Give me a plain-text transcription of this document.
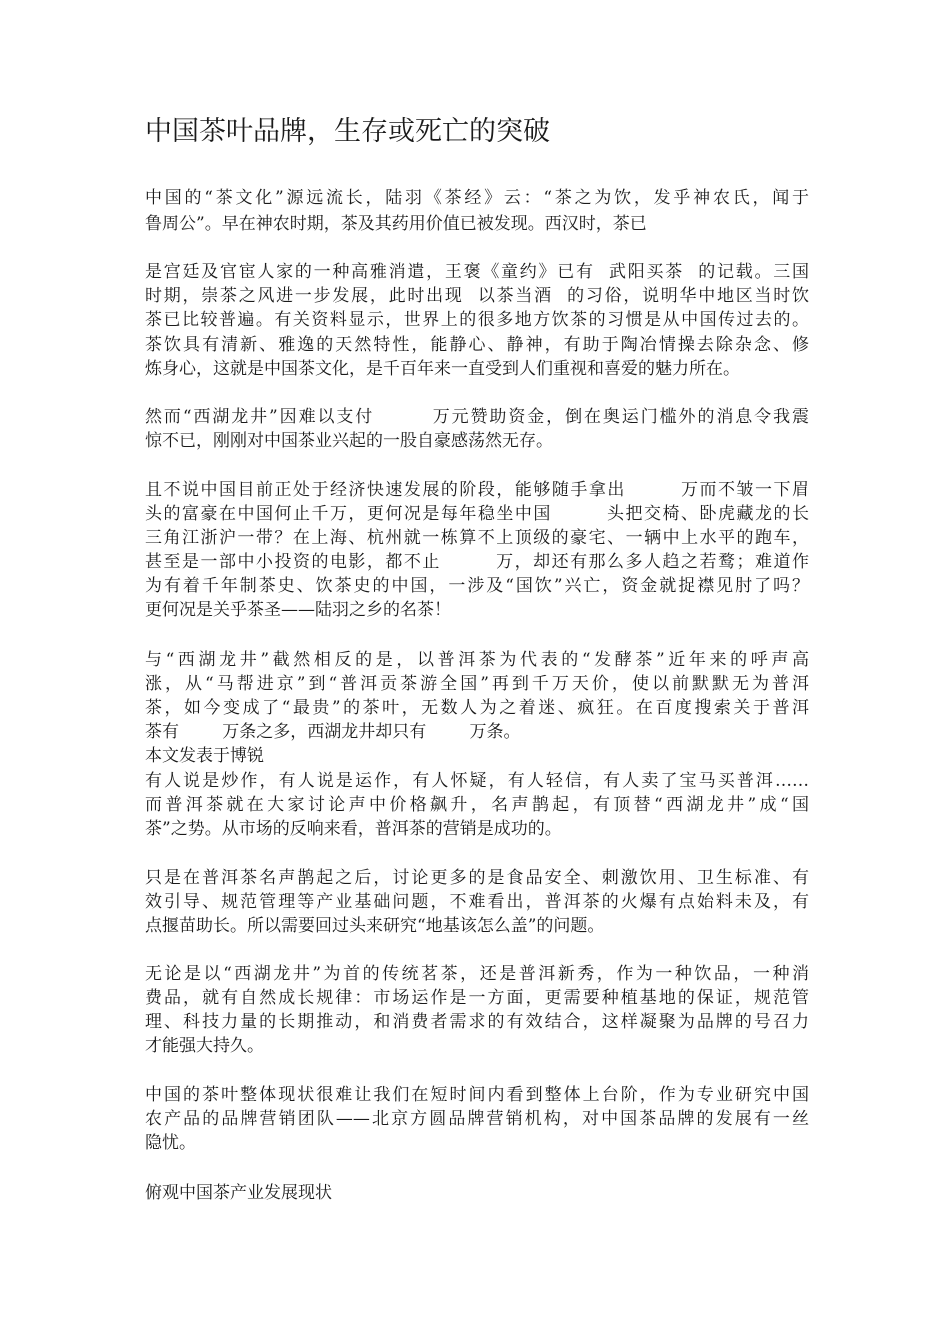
中国茶叶品牌，生存或死亡的突破

中国的“茶文化”源远流长，陆羽《茶经》云：“茶之为饮，发乎神农氏，闻于

鲁周公”。早在神农时期，茶及其药用价值已被发现。西汉时，茶已

是宫廷及官宦人家的一种高雅消遣，王褒《童约》已有  武阳买茶  的记载。三国

时期，崇茶之风进一步发展，此时出现  以茶当酒  的习俗，说明华中地区当时饮

茶已比较普遍。有关资料显示，世界上的很多地方饮茶的习惯是从中国传过去的。

茶饮具有清新、雅逸的天然特性，能静心、静神，有助于陶冶情操去除杂念、修

炼身心，这就是中国茶文化，是千百年来一直受到人们重视和喜爱的魅力所在。

然而“西湖龙井”因难以支付        万元赞助资金，倒在奥运门槛外的消息令我震

惊不已，刚刚对中国茶业兴起的一股自豪感荡然无存。

且不说中国目前正处于经济快速发展的阶段，能够随手拿出        万而不皱一下眉

头的富豪在中国何止千万，更何况是每年稳坐中国        头把交椅、卧虎藏龙的长

三角江浙沪一带？在上海、杭州就一栋算不上顶级的豪宅、一辆中上水平的跑车，

甚至是一部中小投资的电影，都不止        万，却还有那么多人趋之若鹜；难道作

为有着千年制茶史、饮茶史的中国，一涉及“国饮”兴亡，资金就捉襟见肘了吗？

更何况是关乎茶圣——陆羽之乡的名茶！

与“西湖龙井”截然相反的是，以普洱茶为代表的“发酵茶”近年来的呼声高

涨，从“马帮进京”到“普洱贡茶游全国”再到千万天价，使以前默默无为普洱

茶，如今变成了“最贵”的茶叶，无数人为之着迷、疯狂。在百度搜索关于普洱

茶有        万条之多，西湖龙井却只有        万条。

本文发表于博锐

有人说是炒作，有人说是运作，有人怀疑，有人轻信，有人卖了宝马买普洱……

而普洱茶就在大家讨论声中价格飙升，名声鹊起，有顶替“西湖龙井”成“国

茶”之势。从市场的反响来看，普洱茶的营销是成功的。

只是在普洱茶名声鹊起之后，讨论更多的是食品安全、刺激饮用、卫生标准、有

效引导、规范管理等产业基础问题，不难看出，普洱茶的火爆有点始料未及，有

点揠苗助长。所以需要回过头来研究“地基该怎么盖”的问题。

无论是以“西湖龙井”为首的传统茗茶，还是普洱新秀，作为一种饮品，一种消

费品，就有自然成长规律：市场运作是一方面，更需要种植基地的保证，规范管

理、科技力量的长期推动，和消费者需求的有效结合，这样凝聚为品牌的号召力

才能强大持久。

中国的茶叶整体现状很难让我们在短时间内看到整体上台阶，作为专业研究中国

农产品的品牌营销团队——北京方圆品牌营销机构，对中国茶品牌的发展有一丝

隐忧。

俯观中国茶产业发展现状
